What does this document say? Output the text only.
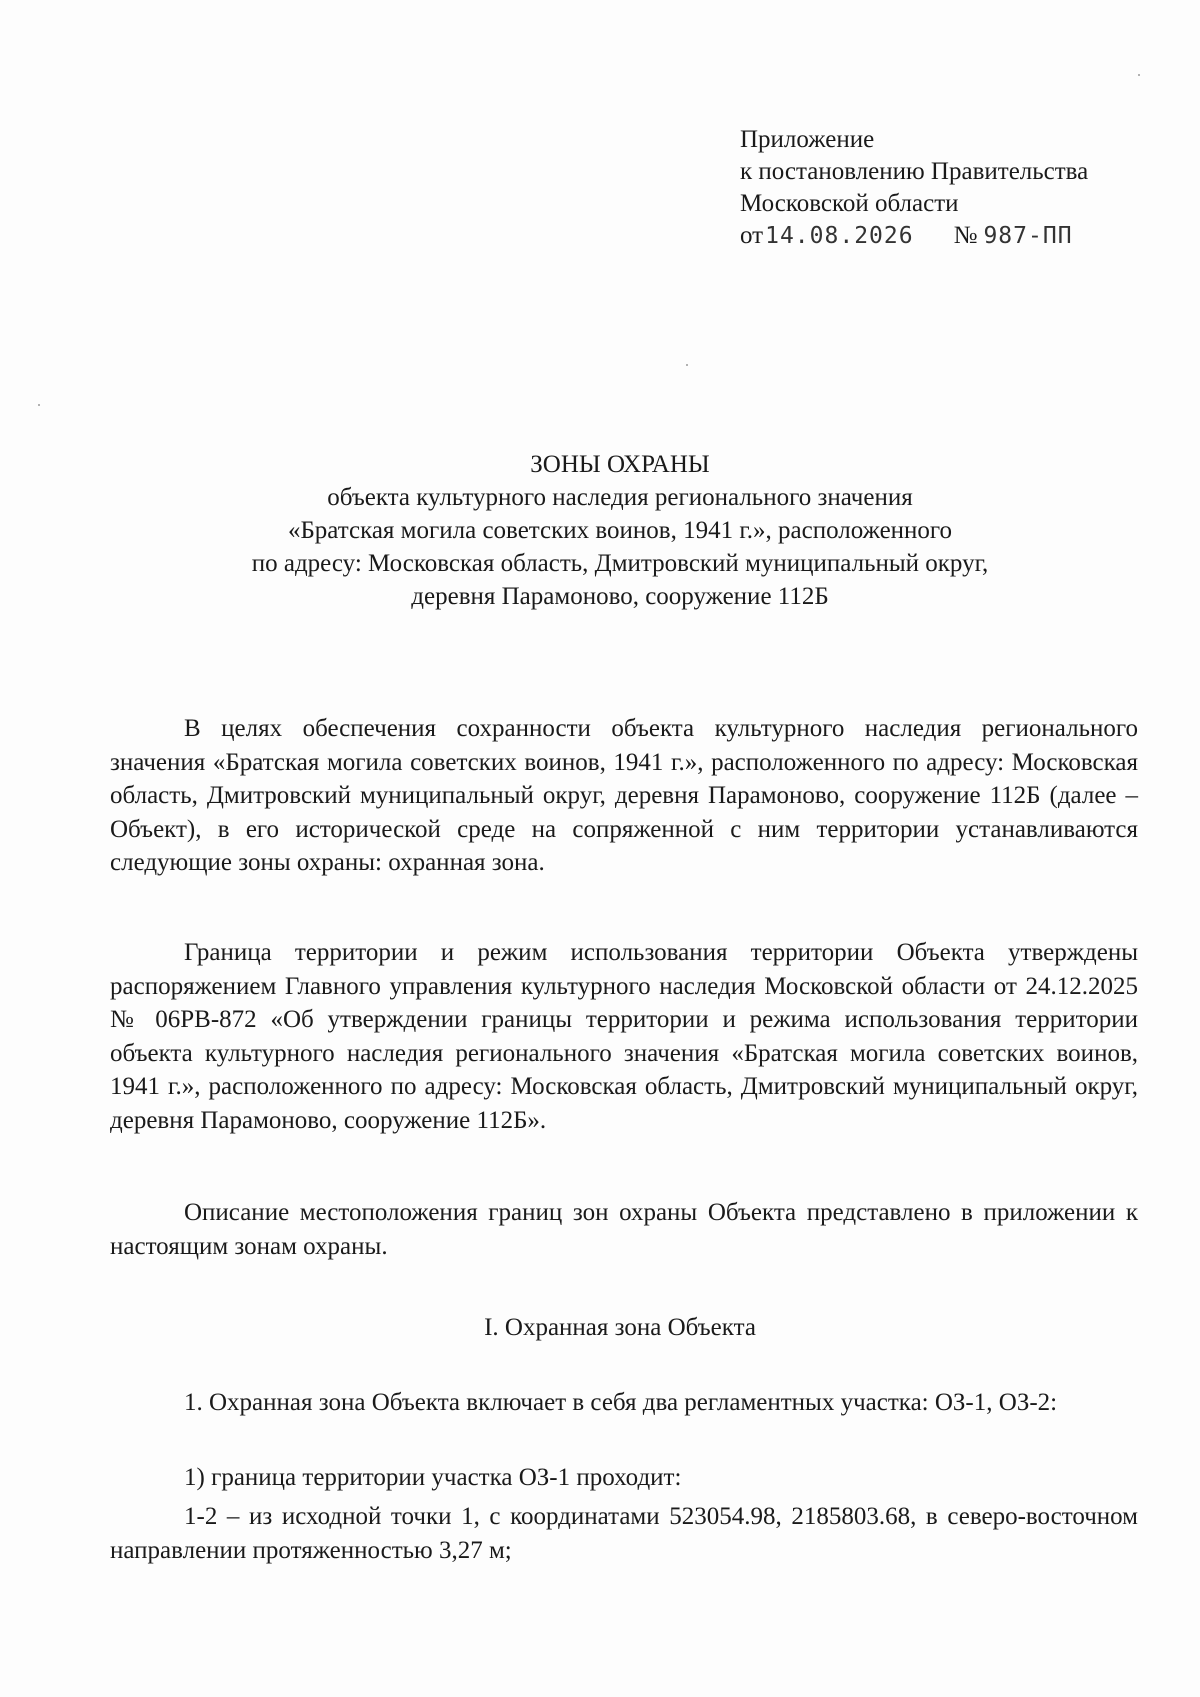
Приложение
к постановлению Правительства
Московской области
от14.08.2026 № 987-ПП
ЗОНЫ ОХРАНЫ
объекта культурного наследия регионального значения
«Братская могила советских воинов, 1941 г.», расположенного
по адресу: Московская область, Дмитровский муниципальный округ,
деревня Парамоново, сооружение 112Б

В целях обеспечения сохранности объекта культурного наследия регионального значения «Братская могила советских воинов, 1941 г.», расположенного по адресу: Московская область, Дмитровский муниципальный округ, деревня Парамоново, сооружение 112Б (далее – Объект), в его исторической среде на сопряженной с ним территории устанавливаются следующие зоны охраны: охранная зона.

Граница территории и режим использования территории Объекта утверждены распоряжением Главного управления культурного наследия Московской области от 24.12.2025 № 06РВ-872 «Об утверждении границы территории и режима использования территории объекта культурного наследия регионального значения «Братская могила советских воинов, 1941 г.», расположенного по адресу: Московская область, Дмитровский муниципальный округ, деревня Парамоново, сооружение 112Б».

Описание местоположения границ зон охраны Объекта представлено в приложении к настоящим зонам охраны.

I. Охранная зона Объекта

1. Охранная зона Объекта включает в себя два регламентных участка: ОЗ-1, ОЗ-2:

1) граница территории участка ОЗ-1 проходит:

1-2 – из исходной точки 1, с координатами 523054.98, 2185803.68, в северо-восточном направлении протяженностью 3,27 м;
